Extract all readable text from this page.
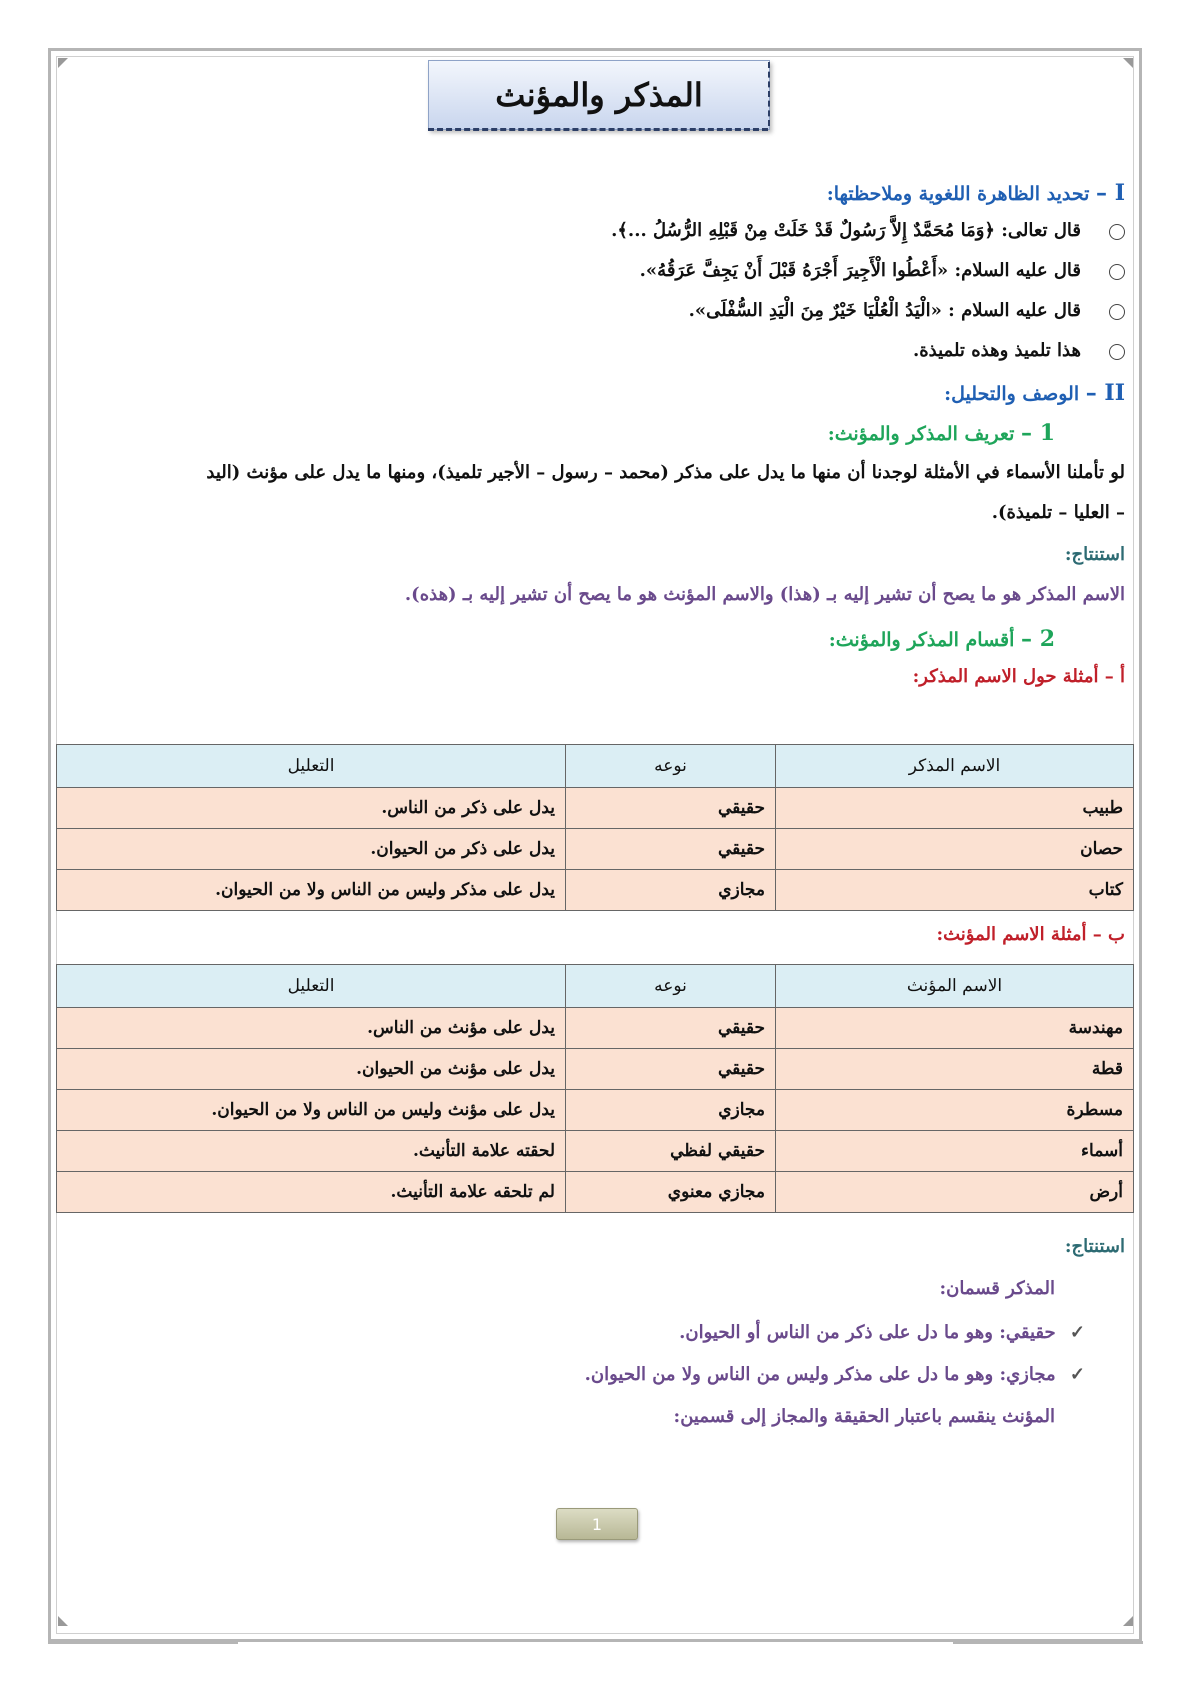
المذكر والمؤنث
I – تحديد الظاهرة اللغوية وملاحظتها:
قال تعالى: ﴿وَمَا مُحَمَّدٌ إِلاَّ رَسُولٌ قَدْ خَلَتْ مِنْ قَبْلِهِ الرُّسُلُ ...﴾.
قال عليه السلام: «أَعْطُوا الْأَجِيرَ أَجْرَهُ قَبْلَ أَنْ يَجِفَّ عَرَقُهُ».
قال عليه السلام : «الْيَدُ الْعُلْيَا خَيْرٌ مِنَ الْيَدِ السُّفْلَى».
هذا تلميذ وهذه تلميذة.
II – الوصف والتحليل:
1 – تعريف المذكر والمؤنث:
لو تأملنا الأسماء في الأمثلة لوجدنا أن منها ما يدل على مذكر (محمد – رسول – الأجير تلميذ)، ومنها ما يدل على مؤنث (اليد
– العليا – تلميذة).
استنتاج:
الاسم المذكر هو ما يصح أن تشير إليه بـ (هذا) والاسم المؤنث هو ما يصح أن تشير إليه بـ (هذه).
2 – أقسام المذكر والمؤنث:
أ – أمثلة حول الاسم المذكر:
الاسم المذكر	نوعه	التعليل
طبيب	حقيقي	يدل على ذكر من الناس.
حصان	حقيقي	يدل على ذكر من الحيوان.
كتاب	مجازي	يدل على مذكر وليس من الناس ولا من الحيوان.
ب – أمثلة الاسم المؤنث:
الاسم المؤنث	نوعه	التعليل
مهندسة	حقيقي	يدل على مؤنث من الناس.
قطة	حقيقي	يدل على مؤنث من الحيوان.
مسطرة	مجازي	يدل على مؤنث وليس من الناس ولا من الحيوان.
أسماء	حقيقي لفظي	لحقته علامة التأنيث.
أرض	مجازي معنوي	لم تلحقه علامة التأنيث.
استنتاج:
المذكر قسمان:
✓ حقيقي: وهو ما دل على ذكر من الناس أو الحيوان.
✓ مجازي: وهو ما دل على مذكر وليس من الناس ولا من الحيوان.
المؤنث ينقسم باعتبار الحقيقة والمجاز إلى قسمين:
1
